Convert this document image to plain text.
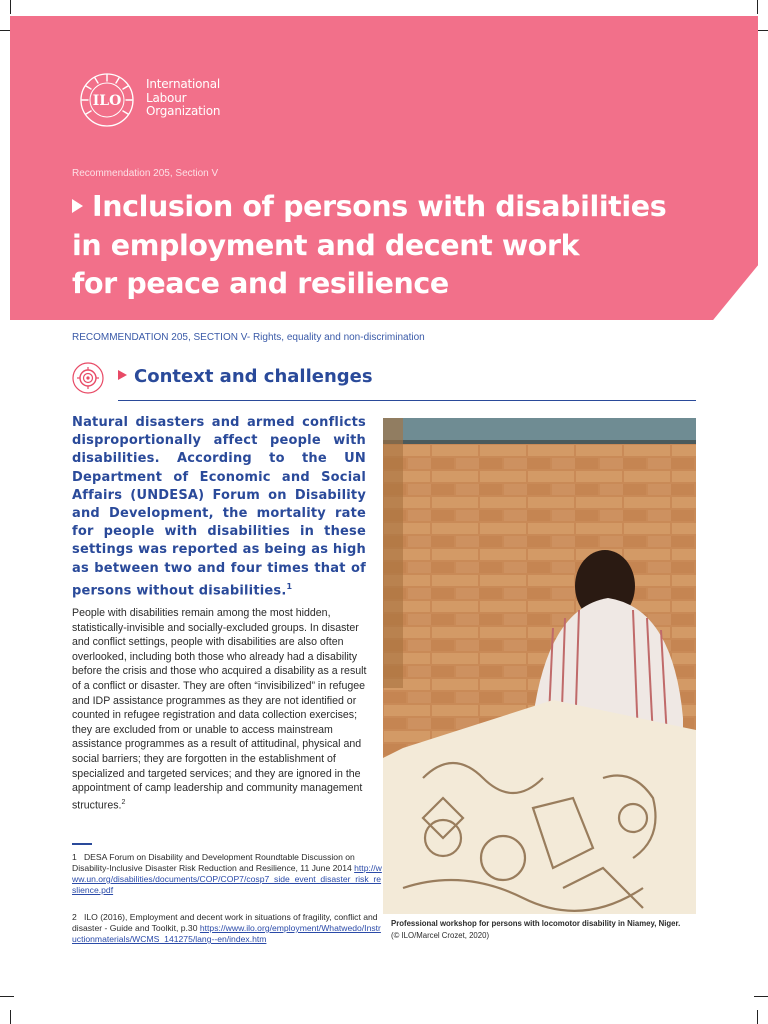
ILO
International
Labour
Organization
Recommendation 205, Section V
Inclusion of persons with disabilities
in employment and decent work
for peace and resilience
RECOMMENDATION 205, SECTION V- Rights, equality and non-discrimination
Context and challenges
Natural disasters and armed conflicts disproportionally affect people with disabilities. According to the UN Department of Economic and Social Affairs (UNDESA) Forum on Disability and Development, the mortality rate for people with disabilities in these settings was reported as being as high as between two and four times that of persons without disabilities.$^1$
People with disabilities remain among the most hidden, statistically-invisible and socially-excluded groups. In disaster and conflict settings, people with disabilities are also often overlooked, including both those who already had a disability before the crisis and those who acquired a disability as a result of a conflict or disaster. They are often “invisibilized” in refugee and IDP assistance programmes as they are not identified or counted in refugee registration and data collection exercises; they are excluded from or unable to access mainstream assistance programmes as a result of attitudinal, physical and social barriers; they are forgotten in the establishment of specialized and targeted services; and they are ignored in the appointment of camp leadership and community management structures.$^2$
1 DESA Forum on Disability and Development Roundtable Discussion on Disability-Inclusive Disaster Risk Reduction and Resilience, 11 June 2014 http://www.un.org/disabilities/documents/COP/COP7/cosp7_side_event_disaster_risk_reslience.pdf
2 ILO (2016), Employment and decent work in situations of fragility, conflict and disaster - Guide and Toolkit, p.30 https://www.ilo.org/employment/Whatwedo/Instructionmaterials/WCMS_141275/lang--en/index.htm
Professional workshop for persons with locomotor disability in Niamey, Niger.
(© ILO/Marcel Crozet, 2020)
